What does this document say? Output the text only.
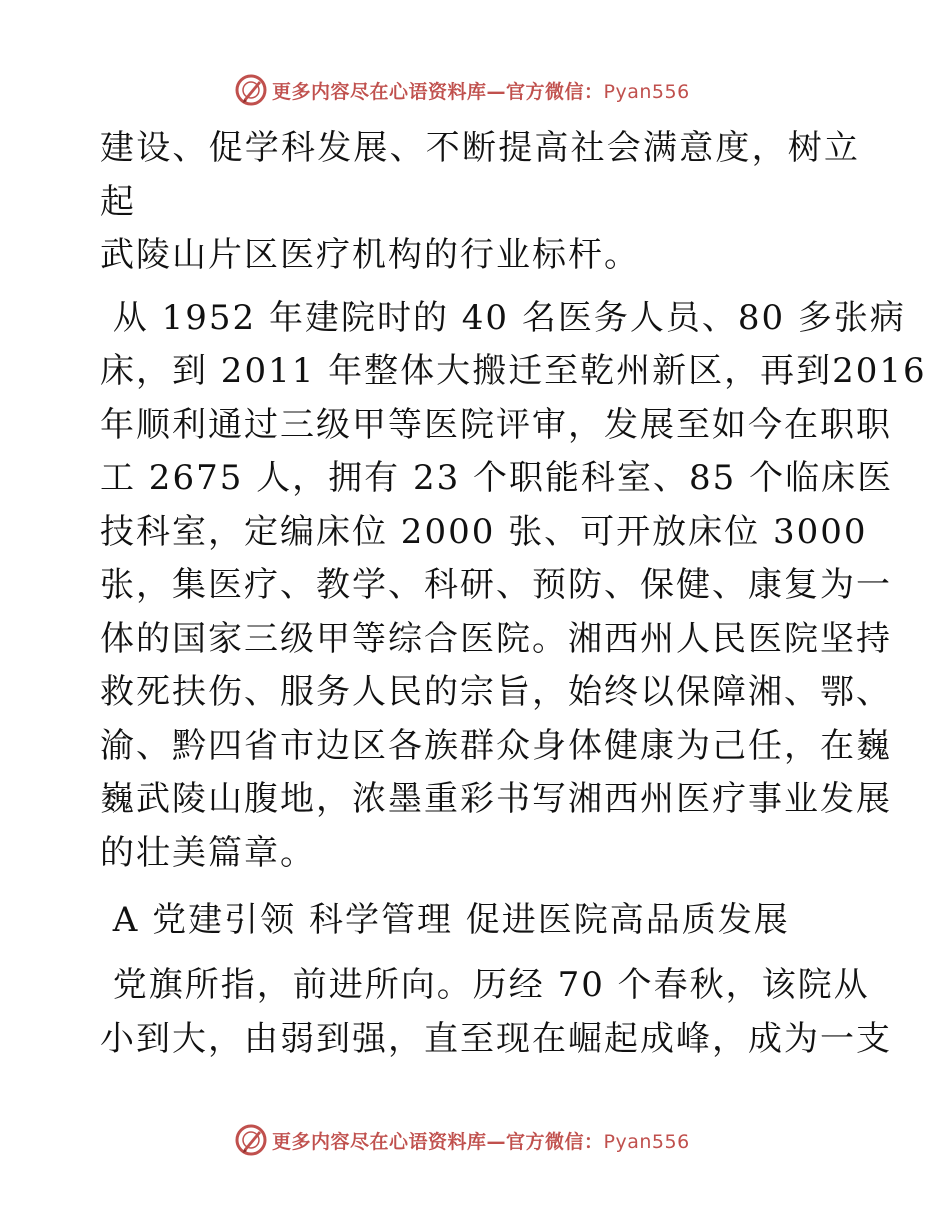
更多内容尽在心语资料库—官方微信：Pyan556

建设、促学科发展、不断提高社会满意度，树立起
武陵山片区医疗机构的行业标杆。

从 1952 年建院时的 40 名医务人员、80 多张病
床，到 2011 年整体大搬迁至乾州新区，再到2016
年顺利通过三级甲等医院评审，发展至如今在职职
工 2675 人，拥有 23 个职能科室、85 个临床医
技科室，定编床位 2000 张、可开放床位 3000
张，集医疗、教学、科研、预防、保健、康复为一
体的国家三级甲等综合医院。湘西州人民医院坚持
救死扶伤、服务人民的宗旨，始终以保障湘、鄂、
渝、黔四省市边区各族群众身体健康为己任，在巍
巍武陵山腹地，浓墨重彩书写湘西州医疗事业发展
的壮美篇章。

A 党建引领 科学管理 促进医院高品质发展

党旗所指，前进所向。历经 70 个春秋，该院从
小到大，由弱到强，直至现在崛起成峰，成为一支

更多内容尽在心语资料库—官方微信：Pyan556
